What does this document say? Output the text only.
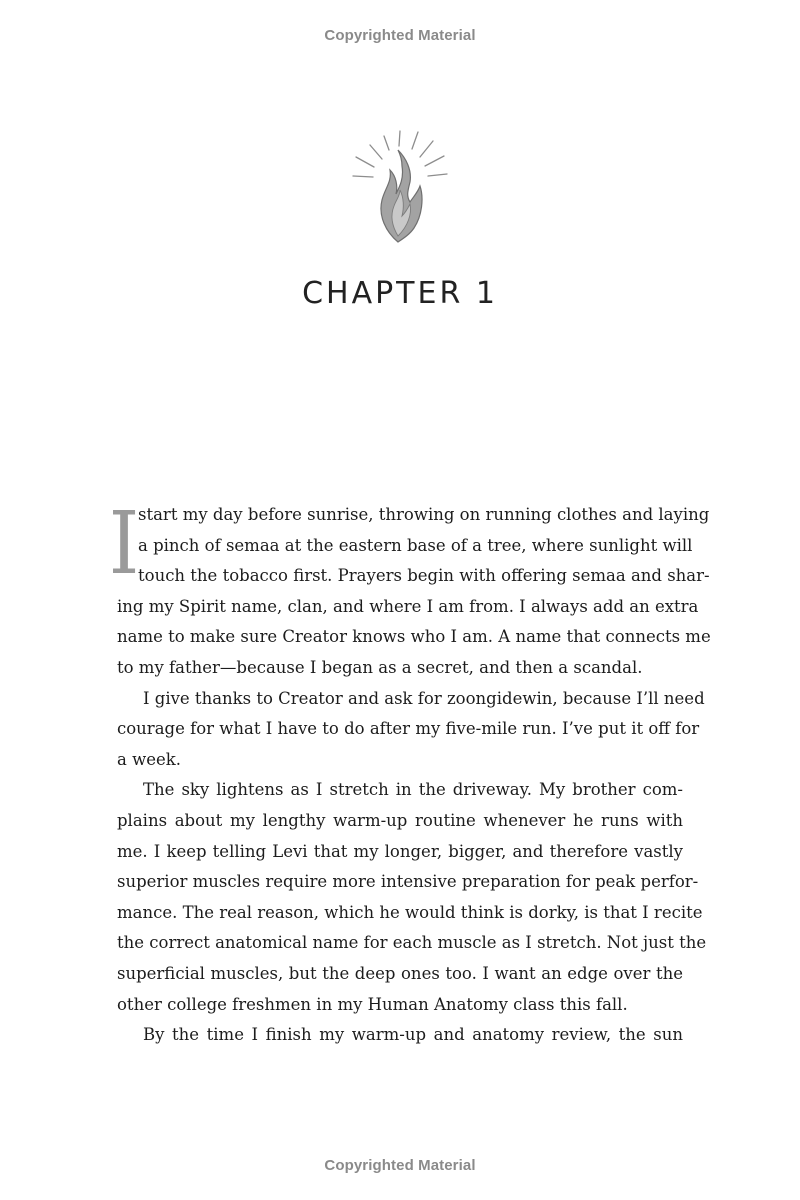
Copyrighted Material
CHAPTER 1
I

start my day before sunrise, throwing on running clothes and laying
a pinch of semaa at the eastern base of a tree, where sunlight will
touch the tobacco first. Prayers begin with offering semaa and shar-
ing my Spirit name, clan, and where I am from. I always add an extra
name to make sure Creator knows who I am. A name that connects me
to my father—because I began as a secret, and then a scandal.

I give thanks to Creator and ask for zoongidewin, because I’ll need
courage for what I have to do after my five-mile run. I’ve put it off for
a week.

The sky lightens as I stretch in the driveway. My brother com-
plains about my lengthy warm-up routine whenever he runs with
me. I keep telling Levi that my longer, bigger, and therefore vastly
superior muscles require more intensive preparation for peak perfor-
mance. The real reason, which he would think is dorky, is that I recite
the correct anatomical name for each muscle as I stretch. Not just the
superficial muscles, but the deep ones too. I want an edge over the
other college freshmen in my Human Anatomy class this fall.

By the time I finish my warm-up and anatomy review, the sun

Copyrighted Material
